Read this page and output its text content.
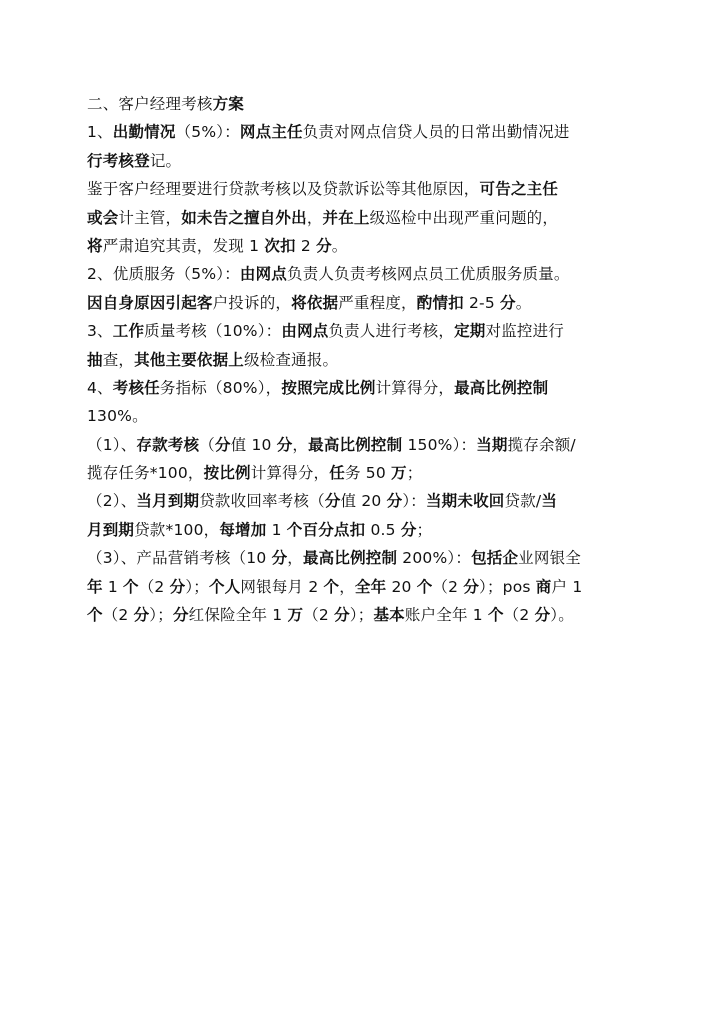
二、客户经理考核方案
1、出勤情况（5%）：网点主任负责对网点信贷人员的日常出勤情况进
行考核登记。
鉴于客户经理要进行贷款考核以及贷款诉讼等其他原因，可告之主任
或会计主管，如未告之擅自外出，并在上级巡检中出现严重问题的，
将严肃追究其责，发现 1 次扣 2 分。
2、优质服务（5%）：由网点负责人负责考核网点员工优质服务质量。
因自身原因引起客户投诉的，将依据严重程度，酌情扣 2-5 分。
3、工作质量考核（10%）：由网点负责人进行考核，定期对监控进行
抽查，其他主要依据上级检查通报。
4、考核任务指标（80%），按照完成比例计算得分，最高比例控制
130%。
（1）、存款考核（分值 10 分，最高比例控制 150%）：当期揽存余额/
揽存任务*100，按比例计算得分，任务 50 万；
（2）、当月到期贷款收回率考核（分值 20 分）：当期未收回贷款/当
月到期贷款*100，每增加 1 个百分点扣 0.5 分；
（3）、产品营销考核（10 分，最高比例控制 200%）：包括企业网银全
年 1 个（2 分）；个人网银每月 2 个，全年 20 个（2 分）；pos 商户 1
个（2 分）；分红保险全年 1 万（2 分）；基本账户全年 1 个（2 分）。
